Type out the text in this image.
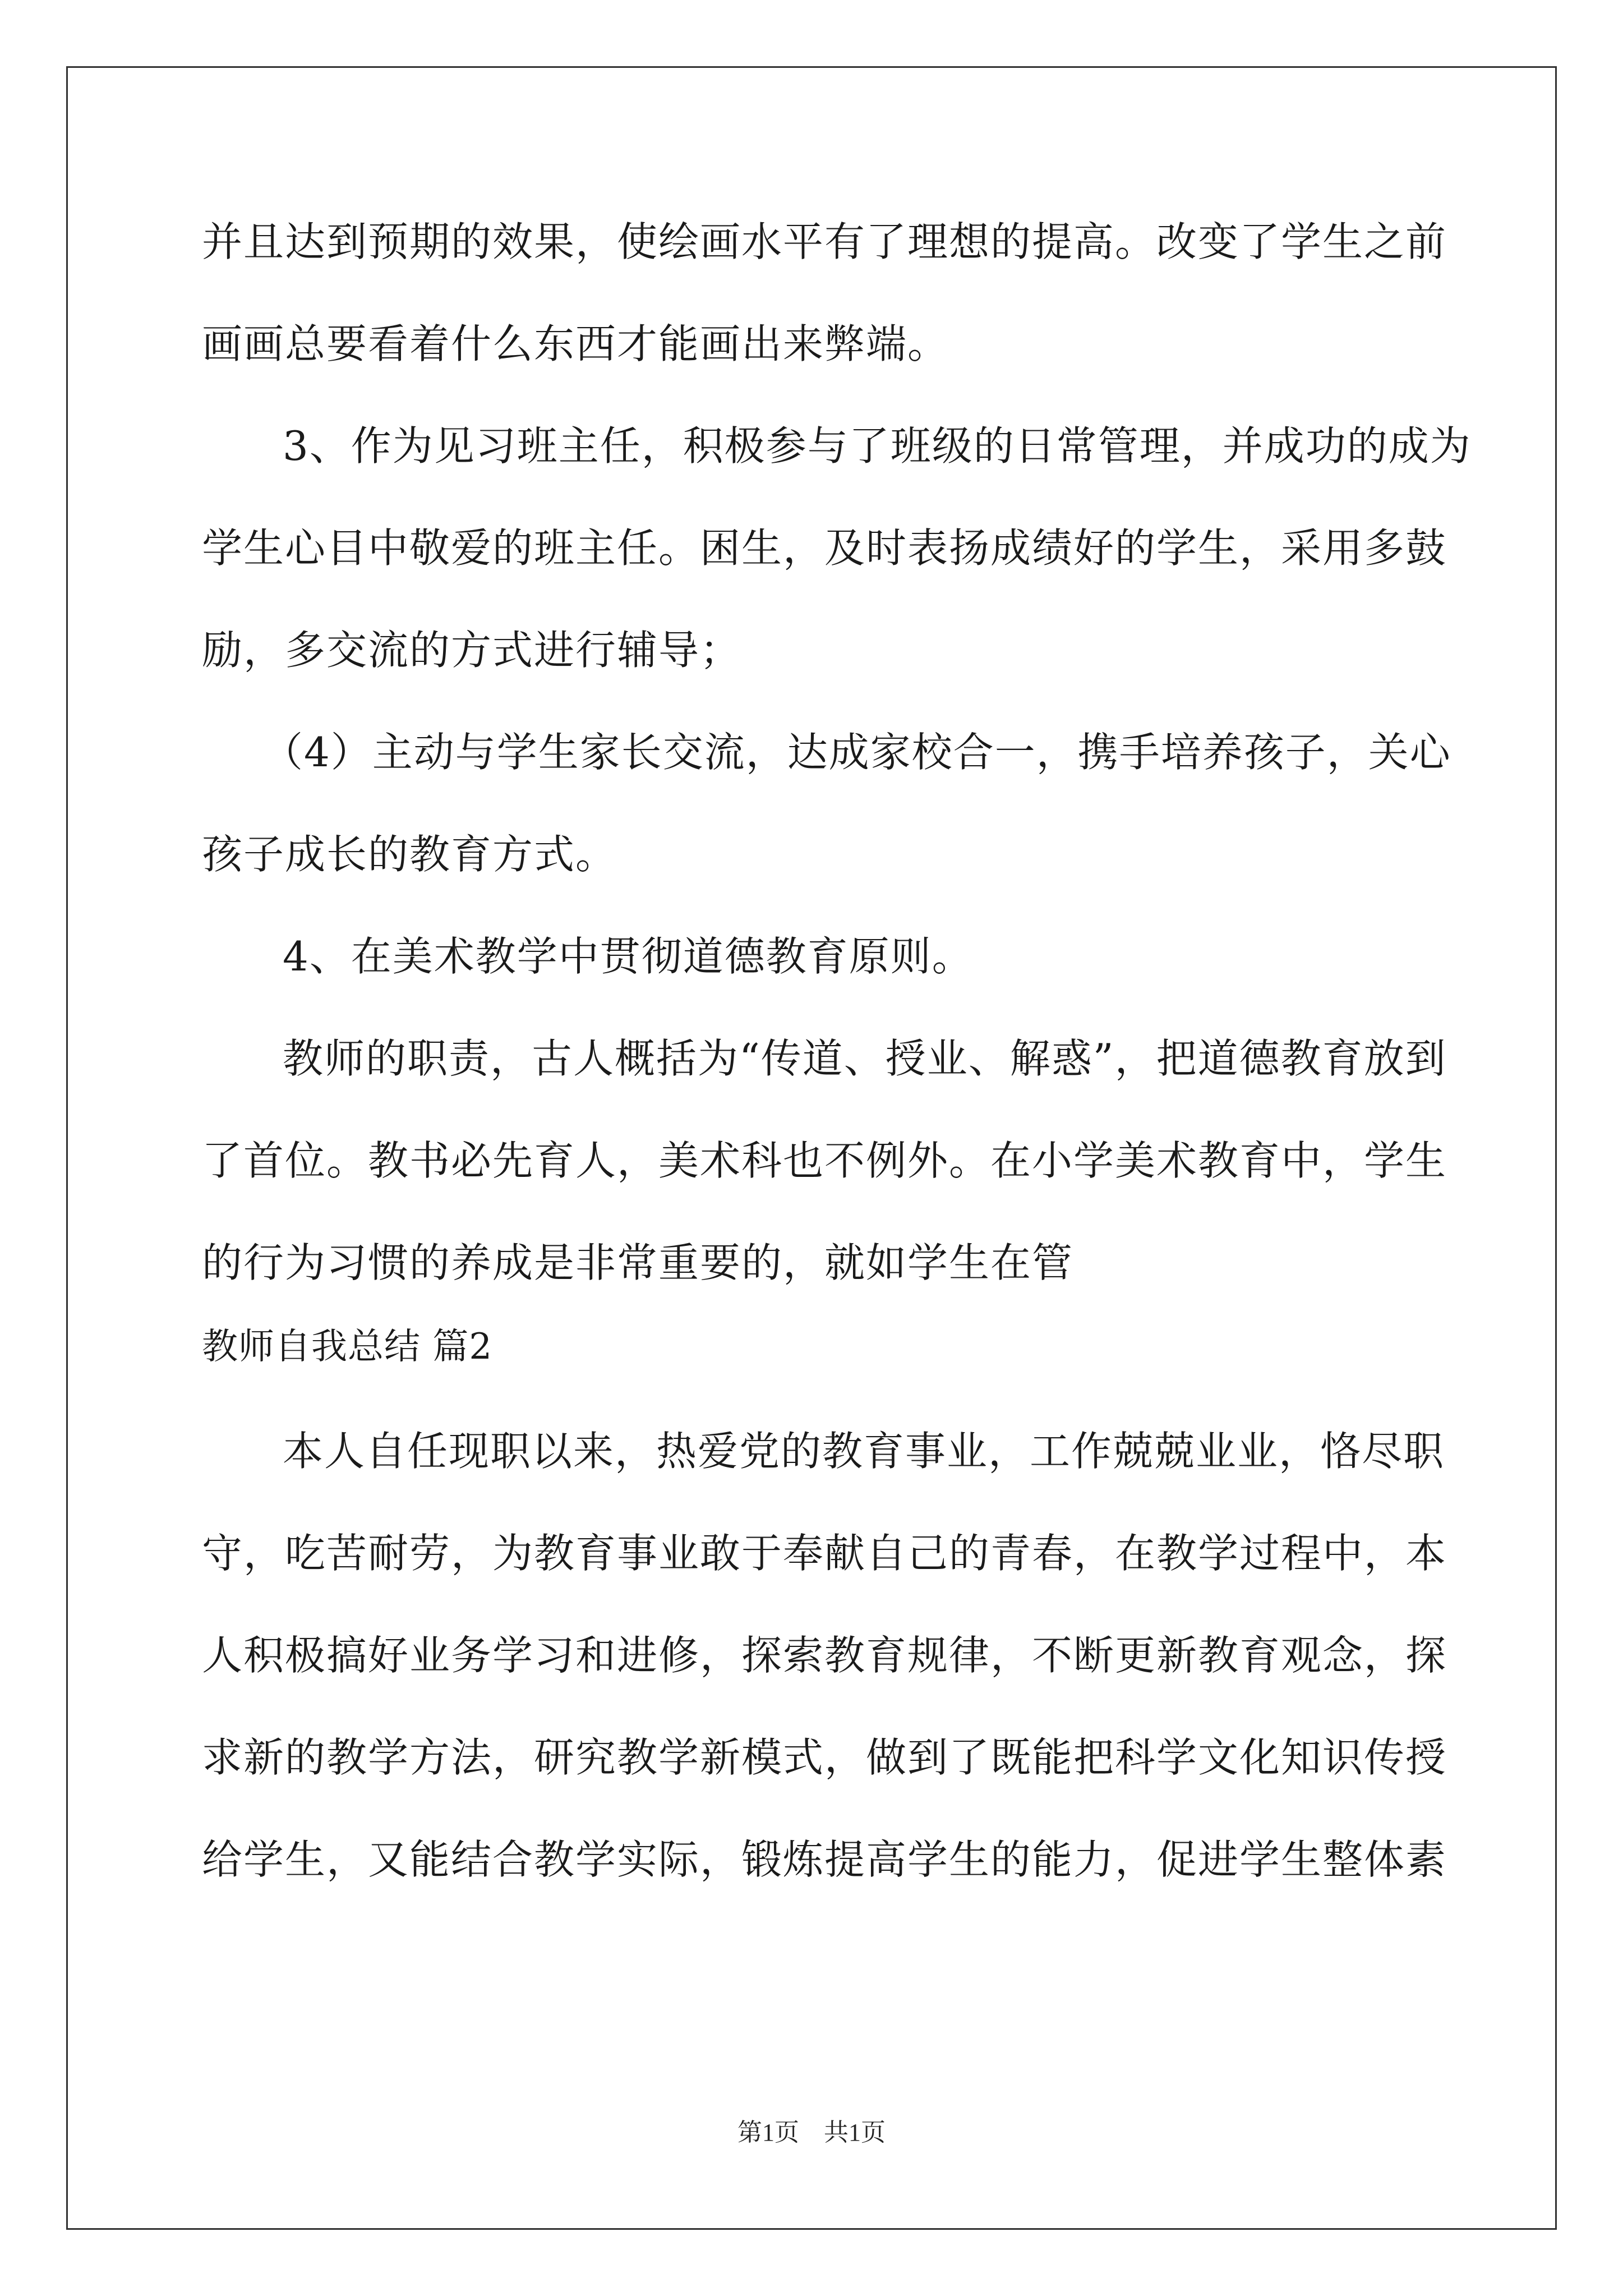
并且达到预期的效果，使绘画水平有了理想的提高。改变了学生之前
画画总要看着什么东西才能画出来弊端。
3、作为见习班主任，积极参与了班级的日常管理，并成功的成为
学生心目中敬爱的班主任。困生，及时表扬成绩好的学生，采用多鼓
励，多交流的方式进行辅导；
（4）主动与学生家长交流，达成家校合一，携手培养孩子，关心
孩子成长的教育方式。
4、在美术教学中贯彻道德教育原则。
教师的职责，古人概括为“传道、授业、解惑”，把道德教育放到
了首位。教书必先育人，美术科也不例外。在小学美术教育中，学生
的行为习惯的养成是非常重要的，就如学生在管
教师自我总结 篇2
本人自任现职以来，热爱党的教育事业，工作兢兢业业，恪尽职
守，吃苦耐劳，为教育事业敢于奉献自己的青春，在教学过程中，本
人积极搞好业务学习和进修，探索教育规律，不断更新教育观念，探
求新的教学方法，研究教学新模式，做到了既能把科学文化知识传授
给学生，又能结合教学实际，锻炼提高学生的能力，促进学生整体素
第1页　共1页
